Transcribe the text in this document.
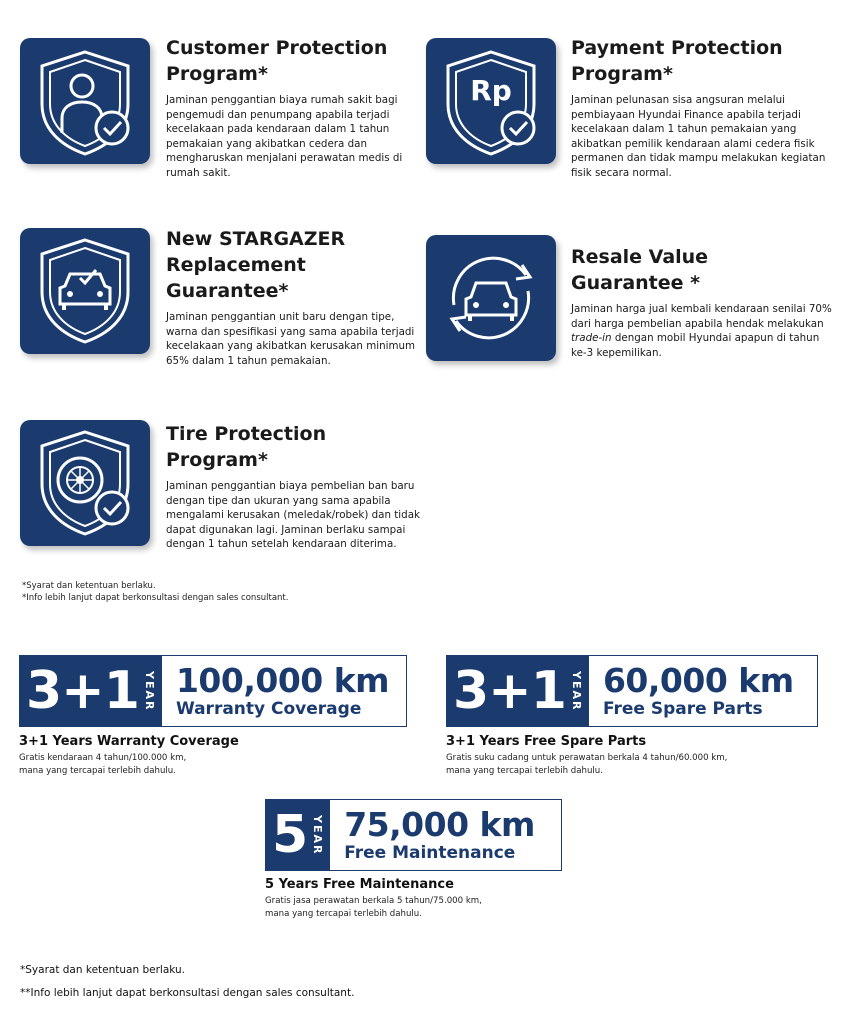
Customer Protection
Program*

Jaminan penggantian biaya rumah sakit bagi pengemudi dan penumpang apabila terjadi kecelakaan pada kendaraan dalam 1 tahun pemakaian yang akibatkan cedera dan mengharuskan menjalani perawatan medis di rumah sakit.

Rp
Payment Protection
Program*

Jaminan pelunasan sisa angsuran melalui pembiayaan Hyundai Finance apabila terjadi kecelakaan dalam 1 tahun pemakaian yang akibatkan pemilik kendaraan alami cedera fisik permanen dan tidak mampu melakukan kegiatan fisik secara normal.

New STARGAZER
Replacement
Guarantee*

Jaminan penggantian unit baru dengan tipe, warna dan spesifikasi yang sama apabila terjadi kecelakaan yang akibatkan kerusakan minimum 65% dalam 1 tahun pemakaian.

Resale Value
Guarantee *

Jaminan harga jual kembali kendaraan senilai 70% dari harga pembelian apabila hendak melakukan trade-in dengan mobil Hyundai apapun di tahun ke-3 kepemilikan.

Tire Protection
Program*

Jaminan penggantian biaya pembelian ban baru dengan tipe dan ukuran yang sama apabila mengalami kerusakan (meledak/robek) dan tidak dapat digunakan lagi. Jaminan berlaku sampai dengan 1 tahun setelah kendaraan diterima.

*Syarat dan ketentuan berlaku.
*Info lebih lanjut dapat berkonsultasi dengan sales consultant.
3+1 YEAR 100,000 km
Warranty Coverage
3+1 Years Warranty Coverage

Gratis kendaraan 4 tahun/100.000 km,
mana yang tercapai terlebih dahulu.

3+1 YEAR 60,000 km
Free Spare Parts
3+1 Years Free Spare Parts

Gratis suku cadang untuk perawatan berkala 4 tahun/60.000 km,
mana yang tercapai terlebih dahulu.

5 YEAR 75,000 km
Free Maintenance
5 Years Free Maintenance

Gratis jasa perawatan berkala 5 tahun/75.000 km,
mana yang tercapai terlebih dahulu.

*Syarat dan ketentuan berlaku.
**Info lebih lanjut dapat berkonsultasi dengan sales consultant.
